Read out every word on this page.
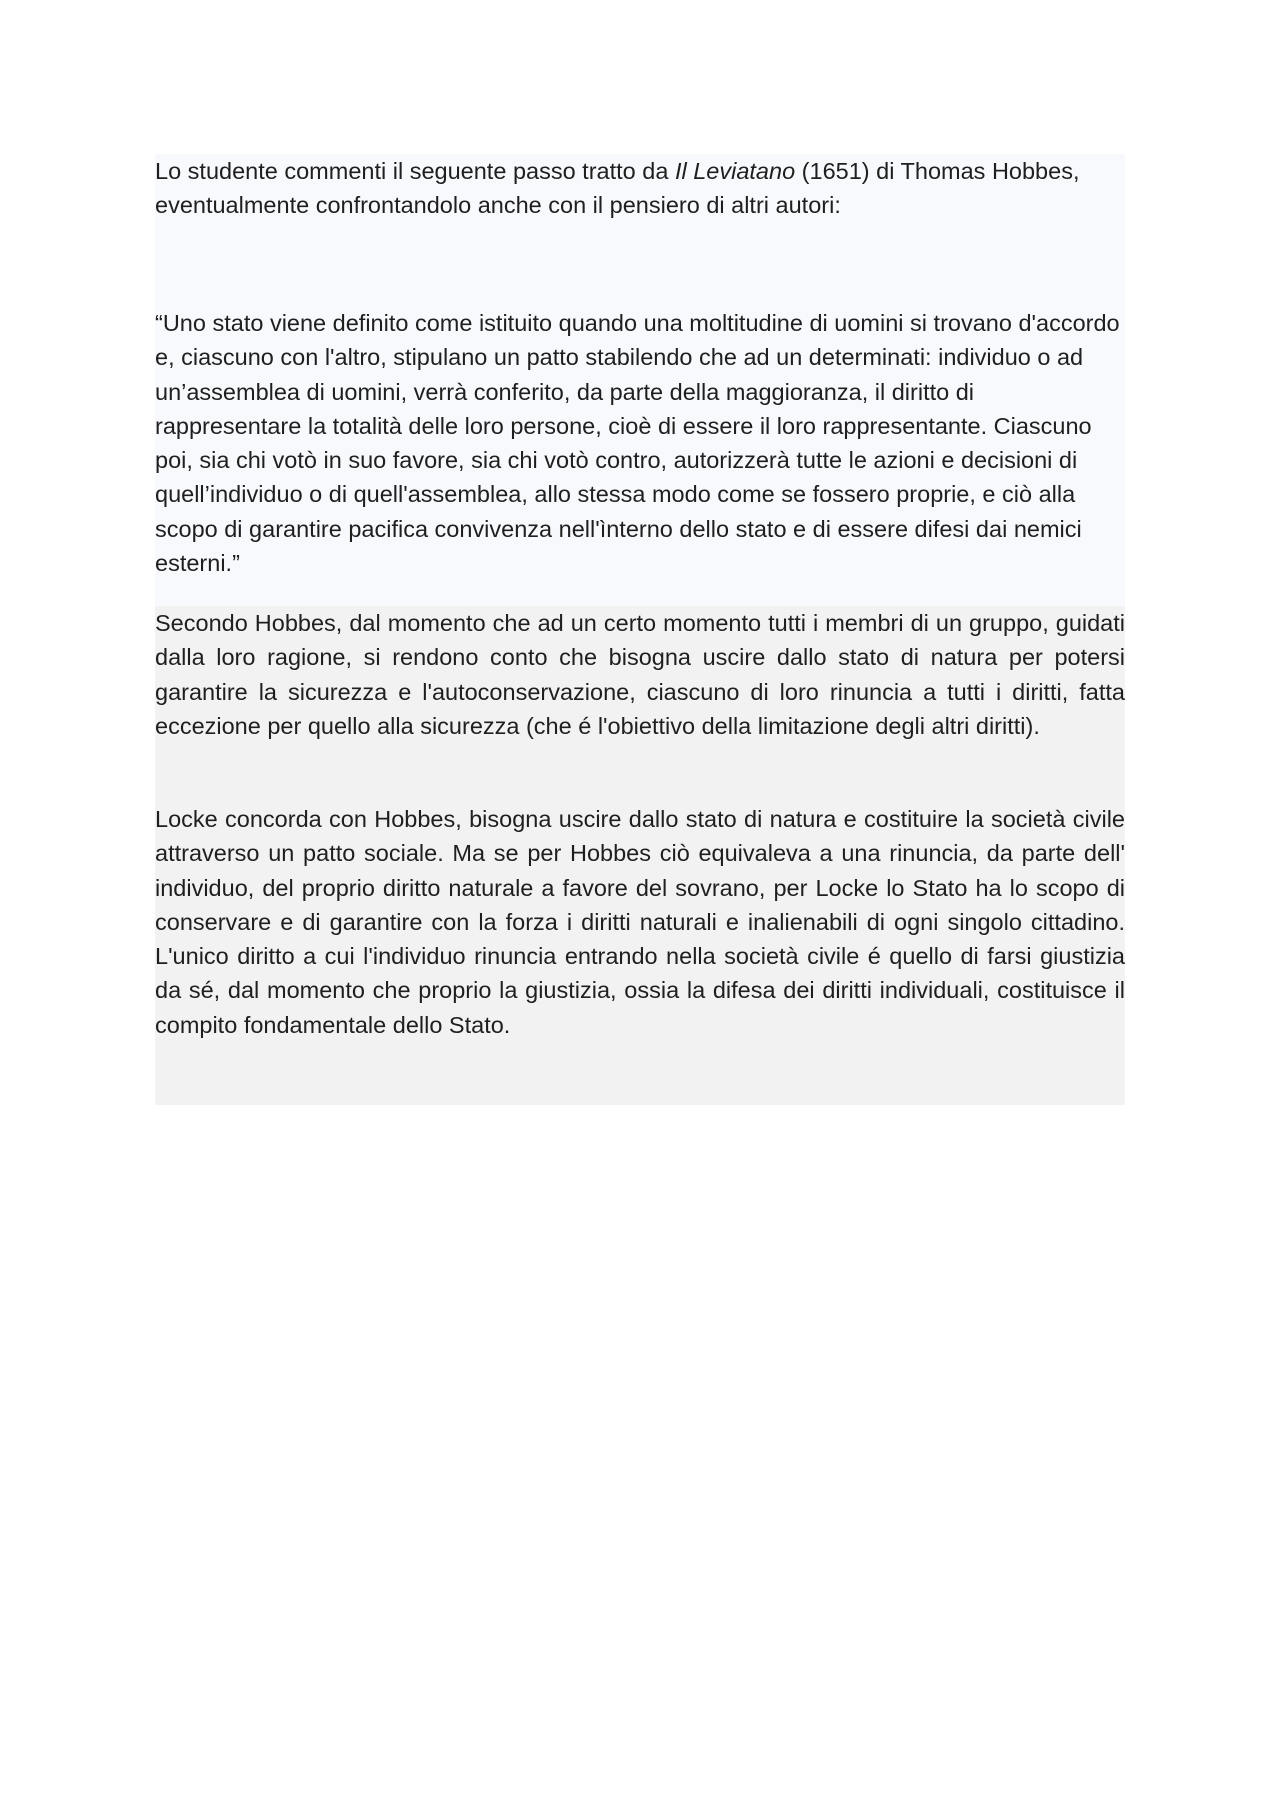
Lo studente commenti il seguente passo tratto da Il Leviatano (1651) di Thomas Hobbes, eventualmente confrontandolo anche con il pensiero di altri autori:

“Uno stato viene definito come istituito quando una moltitudine di uomini si trovano d'accordo e, ciascuno con l'altro, stipulano un patto stabilendo che ad un determinati: individuo o ad un’assemblea di uomini, verrà conferito, da parte della maggioranza, il diritto di rappresentare la totalità delle loro persone, cioè di essere il loro rappresentante. Ciascuno poi, sia chi votò in suo favore, sia chi votò contro, autorizzerà tutte le azioni e decisioni di quell’individuo o di quell'assemblea, allo stessa modo come se fossero proprie, e ciò alla scopo di garantire pacifica convivenza nell'ìnterno dello stato e di essere difesi dai nemici esterni.”

Secondo Hobbes, dal momento che ad un certo momento tutti i membri di un gruppo, guidati dalla loro ragione, si rendono conto che bisogna uscire dallo stato di natura per potersi garantire la sicurezza e l'autoconservazione, ciascuno di loro rinuncia a tutti i diritti, fatta eccezione per quello alla sicurezza (che é l'obiettivo della limitazione degli altri diritti).

Locke concorda con Hobbes, bisogna uscire dallo stato di natura e costituire la società civile attraverso un patto sociale. Ma se per Hobbes ciò equivaleva a una rinuncia, da parte dell' individuo, del proprio diritto naturale a favore del sovrano, per Locke lo Stato ha lo scopo di conservare e di garantire con la forza i diritti naturali e inalienabili di ogni singolo cittadino. L'unico diritto a cui l'individuo rinuncia entrando nella società civile é quello di farsi giustizia da sé, dal momento che proprio la giustizia, ossia la difesa dei diritti individuali, costituisce il compito fondamentale dello Stato.
